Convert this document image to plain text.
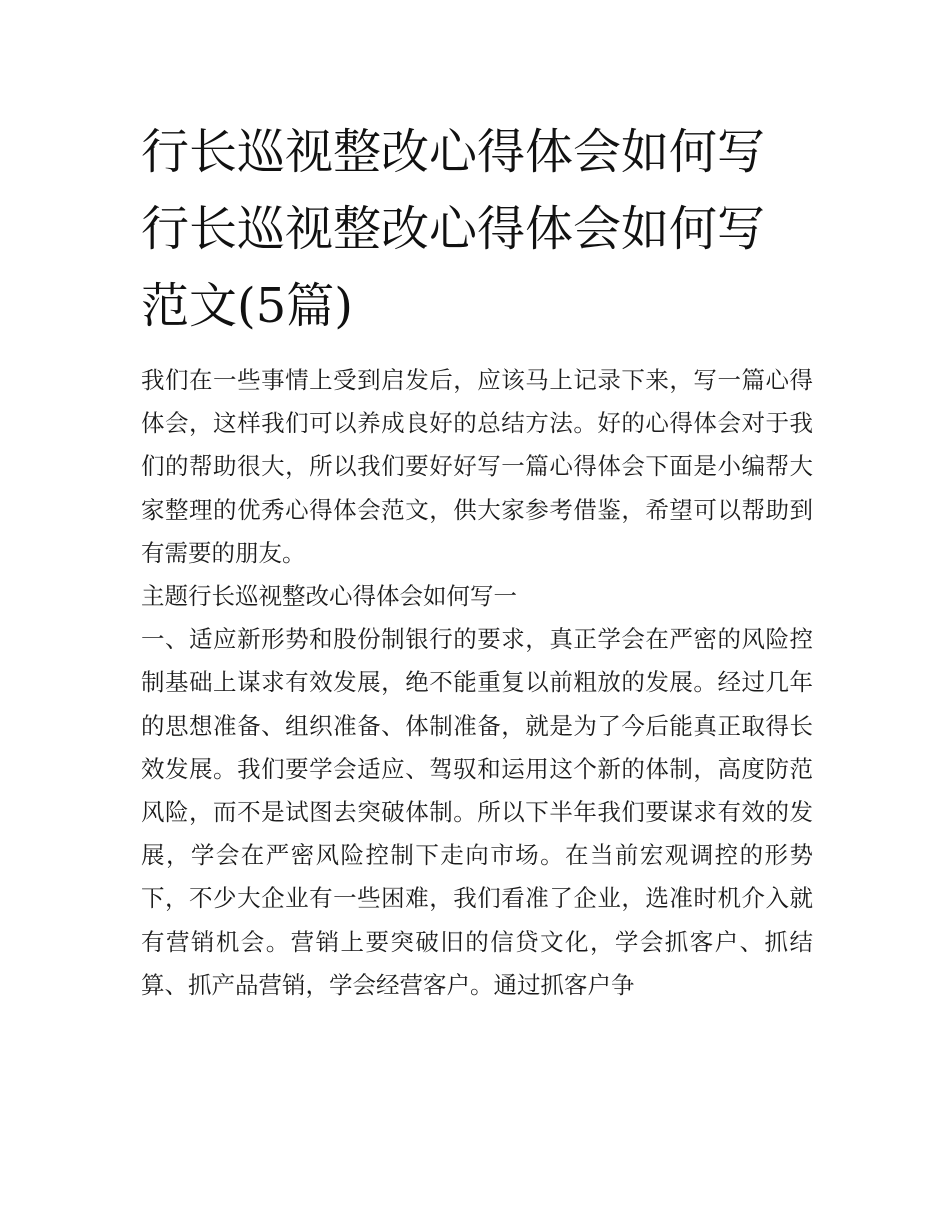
行长巡视整改心得体会如何写
行长巡视整改心得体会如何写
范文(5篇)

我们在一些事情上受到启发后，应该马上记录下来，写一篇心得体会，这样我们可以养成良好的总结方法。好的心得体会对于我们的帮助很大，所以我们要好好写一篇心得体会下面是小编帮大家整理的优秀心得体会范文，供大家参考借鉴，希望可以帮助到有需要的朋友。

主题行长巡视整改心得体会如何写一

一、适应新形势和股份制银行的要求，真正学会在严密的风险控制基础上谋求有效发展，绝不能重复以前粗放的发展。经过几年的思想准备、组织准备、体制准备，就是为了今后能真正取得长效发展。我们要学会适应、驾驭和运用这个新的体制，高度防范风险，而不是试图去突破体制。所以下半年我们要谋求有效的发展，学会在严密风险控制下走向市场。在当前宏观调控的形势下，不少大企业有一些困难，我们看准了企业，选准时机介入就有营销机会。营销上要突破旧的信贷文化，学会抓客户、抓结算、抓产品营销，学会经营客户。通过抓客户争
